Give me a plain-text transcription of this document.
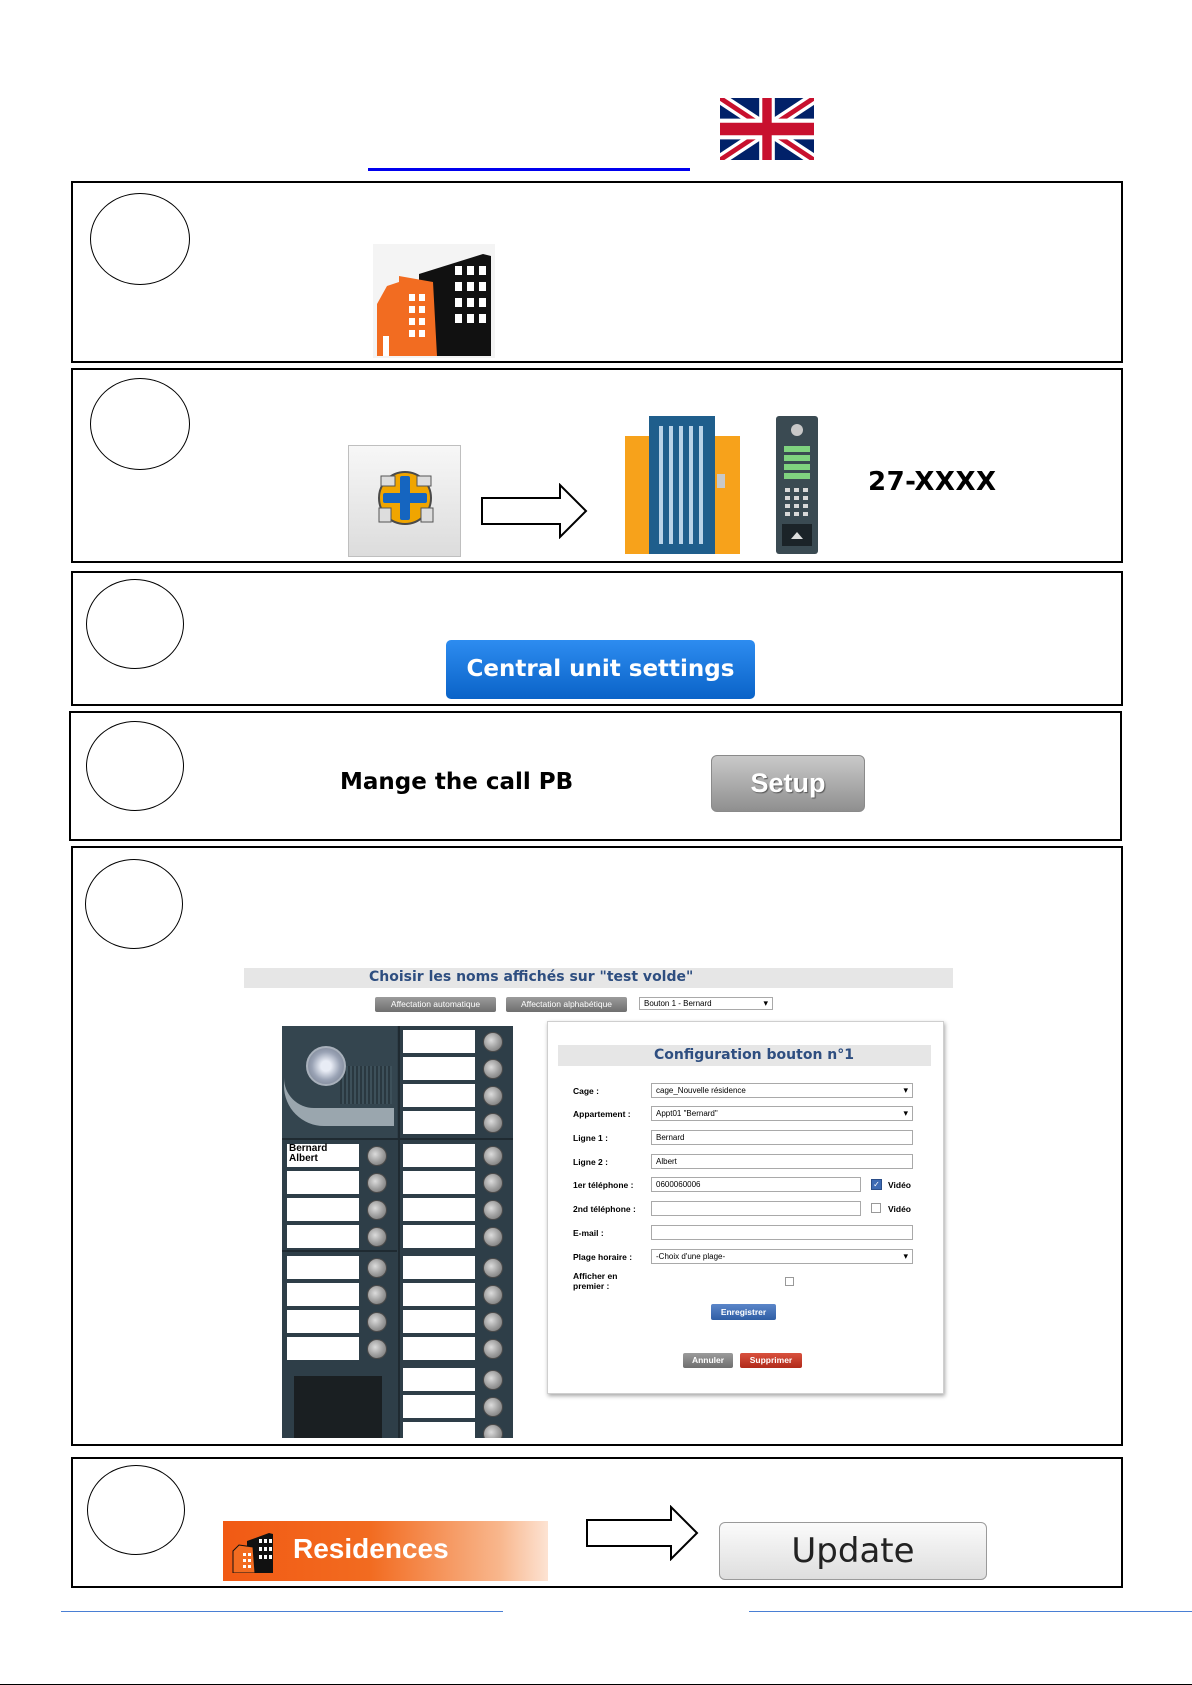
27-XXXX
Central unit settings
Mange the call PB	Setup
Choisir les noms affichés sur "test volde"
Affectation automatique	Affectation alphabétique	Bouton 1 - Bernard ▾
Bernard
Albert
Configuration bouton n°1
Cage :	cage_Nouvelle résidence ▾
Appartement :	Appt01 "Bernard" ▾
Ligne 1 :	Bernard
Ligne 2 :	Albert
1er téléphone :	0600060006	✓ Vidéo
2nd téléphone :	Vidéo
E-mail :
Plage horaire :	-Choix d'une plage- ▾
Afficher en
premier :
Enregistrer
Annuler	Supprimer
Residences	Update
